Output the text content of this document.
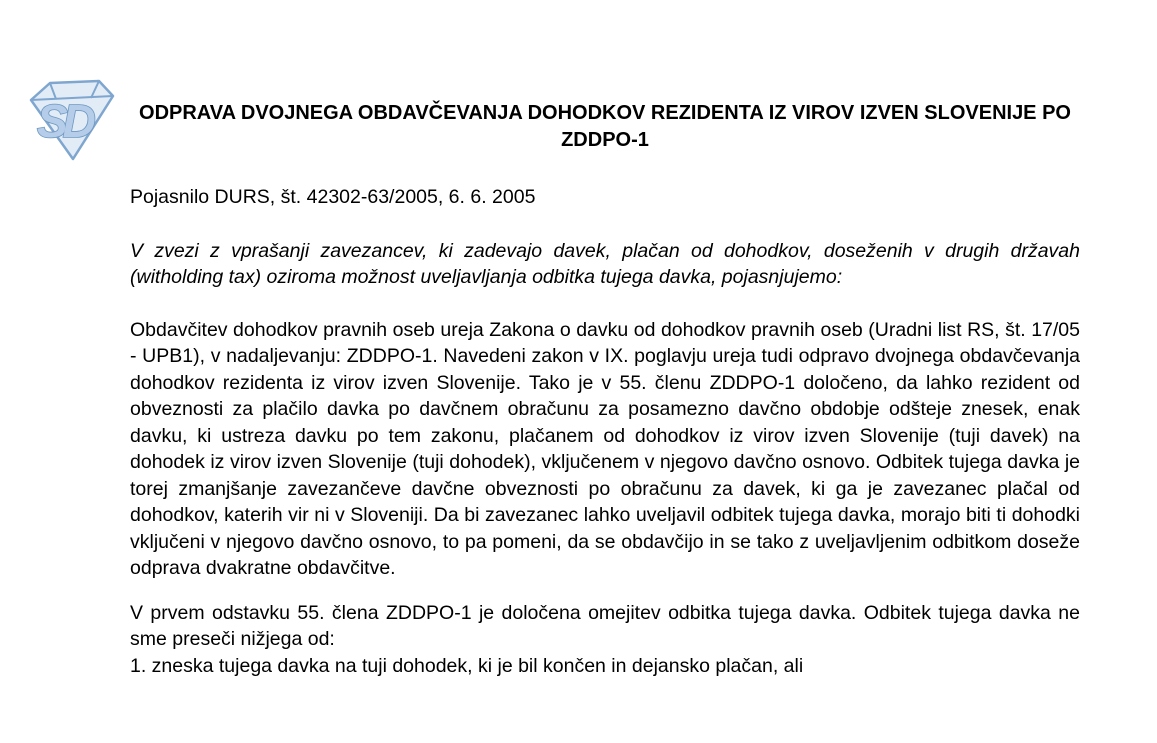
SD	ODPRAVA DVOJNEGA OBDAVČEVANJA DOHODKOV REZIDENTA IZ VIROV IZVEN SLOVENIJE PO ZDDPO-1

Pojasnilo DURS, št. 42302-63/2005, 6. 6. 2005

V zvezi z vprašanji zavezancev, ki zadevajo davek, plačan od dohodkov, doseženih v drugih državah (witholding tax) oziroma možnost uveljavljanja odbitka tujega davka, pojasnjujemo:

Obdavčitev dohodkov pravnih oseb ureja Zakona o davku od dohodkov pravnih oseb (Uradni list RS, št. 17/05 - UPB1), v nadaljevanju: ZDDPO-1. Navedeni zakon v IX. poglavju ureja tudi odpravo dvojnega obdavčevanja dohodkov rezidenta iz virov izven Slovenije. Tako je v 55. členu ZDDPO-1 določeno, da lahko rezident od obveznosti za plačilo davka po davčnem obračunu za posamezno davčno obdobje odšteje znesek, enak davku, ki ustreza davku po tem zakonu, plačanem od dohodkov iz virov izven Slovenije (tuji davek) na dohodek iz virov izven Slovenije (tuji dohodek), vključenem v njegovo davčno osnovo. Odbitek tujega davka je torej zmanjšanje zavezančeve davčne obveznosti po obračunu za davek, ki ga je zavezanec plačal od dohodkov, katerih vir ni v Sloveniji. Da bi zavezanec lahko uveljavil odbitek tujega davka, morajo biti ti dohodki vključeni v njegovo davčno osnovo, to pa pomeni, da se obdavčijo in se tako z uveljavljenim odbitkom doseže odprava dvakratne obdavčitve.

V prvem odstavku 55. člena ZDDPO-1 je določena omejitev odbitka tujega davka. Odbitek tujega davka ne sme preseči nižjega od:

1. zneska tujega davka na tuji dohodek, ki je bil končen in dejansko plačan, ali
